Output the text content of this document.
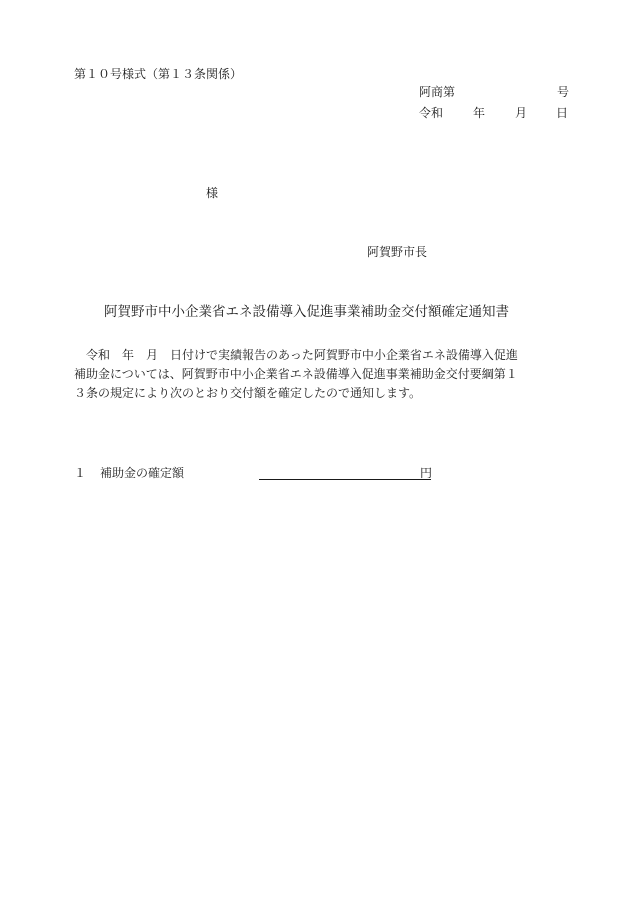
第１０号様式（第１３条関係）
阿商第	号
令和 年 月 日
様
阿賀野市長
阿賀野市中小企業省エネ設備導入促進事業補助金交付額確定通知書
　令和　年　月　日付けで実績報告のあった阿賀野市中小企業省エネ設備導入促進
補助金については、阿賀野市中小企業省エネ設備導入促進事業補助金交付要綱第１
３条の規定により次のとおり交付額を確定したので通知します。
１ 補助金の確定額	円
